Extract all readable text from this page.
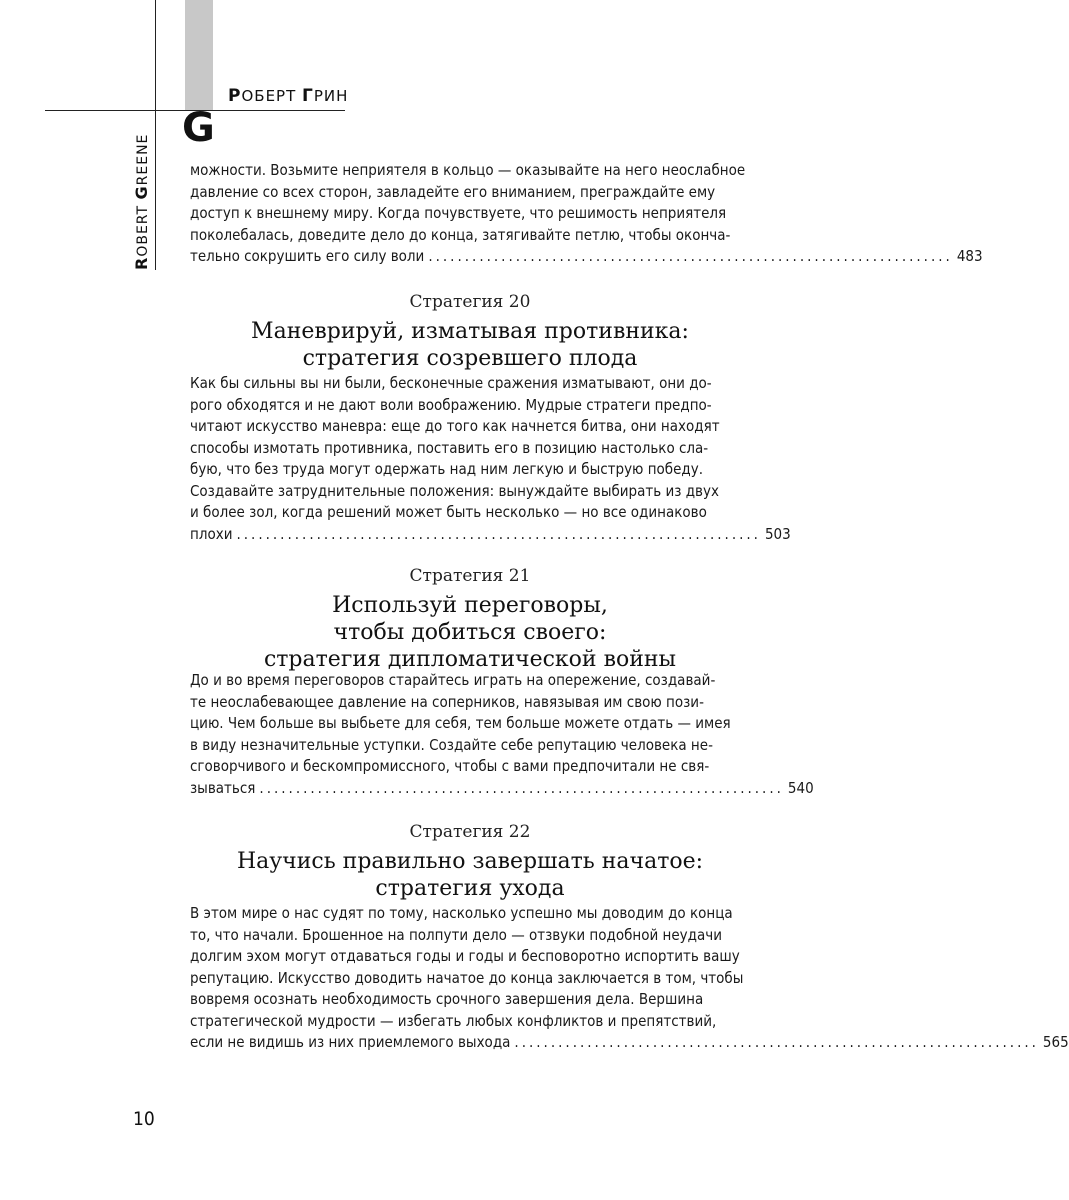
РОБЕРТ ГРИН
G
ROBERT GREENE	можности. Возьмите неприятеля в кольцо — оказывайте на него неослабное

давление со всех сторон, завладейте его вниманием, преграждайте ему

доступ к внешнему миру. Когда почувствуете, что решимость неприятеля

поколебалась, доведите дело до конца, затягивайте петлю, чтобы оконча-

тельно сокрушить его силу воли ........................................................................ 483
Стратегия 20
Маневрируй, изматывая противника:
стратегия созревшего плода

Как бы сильны вы ни были, бесконечные сражения изматывают, они до-

рого обходятся и не дают воли воображению. Мудрые стратеги предпо-

читают искусство маневра: еще до того как начнется битва, они находят

способы измотать противника, поставить его в позицию настолько сла-

бую, что без труда могут одержать над ним легкую и быструю победу.

Создавайте затруднительные положения: вынуждайте выбирать из двух

и более зол, когда решений может быть несколько — но все одинаково

плохи ........................................................................ 503
Стратегия 21
Используй переговоры,
чтобы добиться своего:
стратегия дипломатической войны

До и во время переговоров старайтесь играть на опережение, создавай-

те неослабевающее давление на соперников, навязывая им свою пози-

цию. Чем больше вы выбьете для себя, тем больше можете отдать — имея

в виду незначительные уступки. Создайте себе репутацию человека не-

сговорчивого и бескомпромиссного, чтобы с вами предпочитали не свя-

зываться ........................................................................ 540
Стратегия 22
Научись правильно завершать начатое:
стратегия ухода

В этом мире о нас судят по тому, насколько успешно мы доводим до конца

то, что начали. Брошенное на полпути дело — отзвуки подобной неудачи

долгим эхом могут отдаваться годы и годы и бесповоротно испортить вашу

репутацию. Искусство доводить начатое до конца заключается в том, чтобы

вовремя осознать необходимость срочного завершения дела. Вершина

стратегической мудрости — избегать любых конфликтов и препятствий,

если не видишь из них приемлемого выхода ........................................................................ 565
10
